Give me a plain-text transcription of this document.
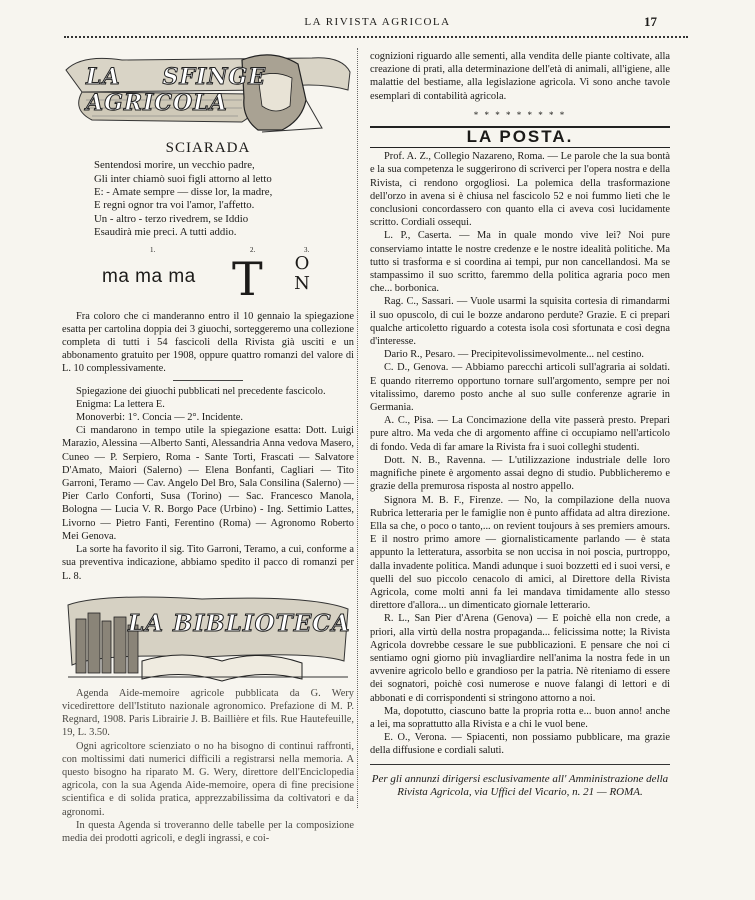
LA RIVISTA AGRICOLA	17
LA SFINGE AGRICOLA
SCIARADA
Sentendosi morire, un vecchio padre,
Gli inter chiamò suoi figli attorno al letto
E: - Amate sempre — disse lor, la madre,
E regni ognor tra voi l'amor, l'affetto.
Un - altro - terzo rivedrem, se Iddio
Esaudirà mie preci. A tutti addio.
1.	2.	3.
ma ma ma T O
N

Fra coloro che ci manderanno entro il 10 gennaio la spiegazione esatta per cartolina doppia dei 3 giuochi, sorteggeremo una collezione completa di tutti i 54 fascicoli della Rivista già usciti e un abbonamento gratuito per 1908, oppure quattro romanzi del valore di L. 10 complessivamente.

Spiegazione dei giuochi pubblicati nel precedente fascicolo.

Enigma: La lettera E.

Monoverbi: 1°. Concia — 2°. Incidente.

Ci mandarono in tempo utile la spiegazione esatta: Dott. Luigi Marazio, Alessina —Alberto Santi, Alessandria Anna vedova Masero, Cuneo — P. Serpiero, Roma - Sante Torti, Frascati — Salvatore D'Amato, Maiori (Salerno) — Elena Bonfanti, Cagliari — Tito Garroni, Teramo — Cav. Angelo Del Bro, Sala Consilina (Salerno) — Pier Carlo Conforti, Susa (Torino) — Sac. Francesco Manola, Bologna — Lucia V. R. Borgo Pace (Urbino) - Ing. Settimio Lattes, Livorno — Pietro Fanti, Ferentino (Roma) — Agronomo Roberto Mei Genova.

La sorte ha favorito il sig. Tito Garroni, Teramo, a cui, conforme a sua preventiva indicazione, abbiamo spedito il pacco di romanzi per L. 8.

LA BIBLIOTECA

Agenda Aide-memoire agricole pubblicata da G. Wery vicedirettore dell'Istituto nazionale agronomico. Prefazione di M. P. Regnard, 1908. Paris Librairie J. B. Baillière et fils. Rue Hautefeuille, 19, L. 3.50.

Ogni agricoltore scienziato o no ha bisogno di continui raffronti, con moltissimi dati numerici difficili a registrarsi nella memoria. A questo bisogno ha riparato M. G. Wery, direttore dell'Enciclopedia agricola, con la sua Agenda Aide-memoire, opera di fine precisione scientifica e di solida pratica, apprezzabilissima da coltivatori e da agronomi.

In questa Agenda si troveranno delle tabelle per la composizione media dei prodotti agricoli, e degli ingrassi, e coi-

cognizioni riguardo alle sementi, alla vendita delle piante coltivate, alla creazione di prati, alla determinazione dell'età di animali, all'igiene, alle malattie del bestiame, alla legislazione agricola. Vi sono anche tavole esemplari di contabilità agricola.

* * * * * * * * *
LA POSTA.

Prof. A. Z., Collegio Nazareno, Roma. — Le parole che la sua bontà e la sua competenza le suggerirono di scriverci per l'opera nostra e della Rivista, ci rendono orgogliosi. La polemica della trasformazione dell'orzo in avena si è chiusa nel fascicolo 52 e noi fummo lieti che le conclusioni concordassero con quanto ella ci aveva così lucidamente scritto. Cordiali ossequi.

L. P., Caserta. — Ma in quale mondo vive lei? Noi pure conserviamo intatte le nostre credenze e le nostre idealità politiche. Ma tutto si trasforma e si coordina ai tempi, pur non cancellandosi. Ma se stampassimo il suo scritto, faremmo della politica agraria poco men che... borbonica.

Rag. C., Sassari. — Vuole usarmi la squisita cortesia di rimandarmi il suo opuscolo, di cui le bozze andarono perdute? Grazie. E ci prepari qualche articoletto riguardo a cotesta isola così sfortunata e così degna d'interesse.

Dario R., Pesaro. — Precipitevolissimevolmente... nel cestino.

C. D., Genova. — Abbiamo parecchi articoli sull'agraria ai soldati. E quando riterremo opportuno tornare sull'argomento, sempre per noi vitalissimo, daremo posto anche al suo sulle conferenze agrarie in Germania.

A. C., Pisa. — La Concimazione della vite passerà presto. Prepari pure altro. Ma veda che di argomento affine ci occupiamo nell'articolo di fondo. Veda di far amare la Rivista fra i suoi colleghi studenti.

Dott. N. B., Ravenna. — L'utilizzazione industriale delle loro magnifiche pinete è argomento assai degno di studio. Pubblicheremo e grazie della premurosa risposta al nostro appello.

Signora M. B. F., Firenze. — No, la compilazione della nuova Rubrica letteraria per le famiglie non è punto affidata ad altra direzione. Ella sa che, o poco o tanto,... on revient toujours à ses premiers amours. E il nostro primo amore — giornalisticamente parlando — è stata appunto la letteratura, assorbita se non uccisa in noi poscia, purtroppo, dalla invadente politica. Mandi adunque i suoi bozzetti ed i suoi versi, e quelli del suo piccolo cenacolo di amici, al Direttore della Rivista Agricola, come molti anni fa lei mandava timidamente allo stesso direttore d'allora... un dimenticato giornale letterario.

R. L., San Pier d'Arena (Genova) — E poichè ella non crede, a priori, alla virtù della nostra propaganda... felicissima notte; la Rivista Agricola dovrebbe cessare le sue pubblicazioni. E pensare che noi ci sentiamo ogni giorno più invagliardire nell'anima la nostra fede in un avvenire agricolo bello e grandioso per la patria. Nè riteniamo di essere dei sognatori, poichè così numerose e nuove falangi di lettori e di abbonati e di corrispondenti si stringono attorno a noi.

Ma, dopotutto, ciascuno batte la propria rotta e... buon anno! anche a lei, ma soprattutto alla Rivista e a chi le vuol bene.

E. O., Verona. — Spiacenti, non possiamo pubblicare, ma grazie della diffusione e cordiali saluti.

Per gli annunzi dirigersi esclusivamente all' Amministrazione della Rivista Agricola, via Uffici del Vicario, n. 21 — ROMA.
